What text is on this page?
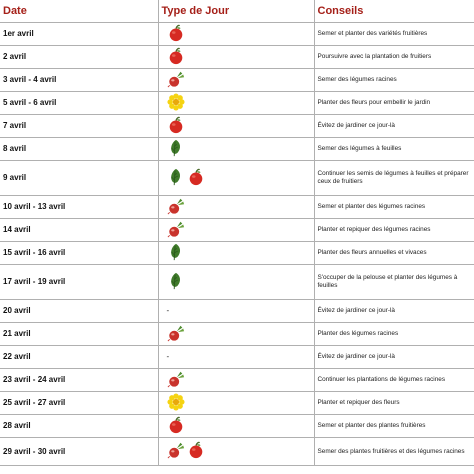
Date	Type de Jour	Conseils
1er avril		Semer et planter des variétés fruitières
2 avril		Poursuivre avec la plantation de fruitiers
3 avril - 4 avril		Semer des légumes racines
5 avril - 6 avril		Planter des fleurs pour embellir le jardin
7 avril		Évitez de jardiner ce jour-là
8 avril		Semer des légumes à feuilles
9 avril		Continuer les semis de légumes à feuilles et préparer ceux de fruitiers
10 avril - 13 avril		Semer et planter des légumes racines
14 avril		Planter et repiquer des légumes racines
15 avril - 16 avril		Planter des fleurs annuelles et vivaces
17 avril - 19 avril		S'occuper de la pelouse et planter des légumes à feuilles
20 avril	-	Évitez de jardiner ce jour-là
21 avril		Planter des légumes racines
22 avril	-	Évitez de jardiner ce jour-là
23 avril - 24 avril		Continuer les plantations de légumes racines
25 avril - 27 avril		Planter et repiquer des fleurs
28 avril		Semer et planter des plantes fruitières
29 avril - 30 avril		Semer des plantes fruitières et des légumes racines
